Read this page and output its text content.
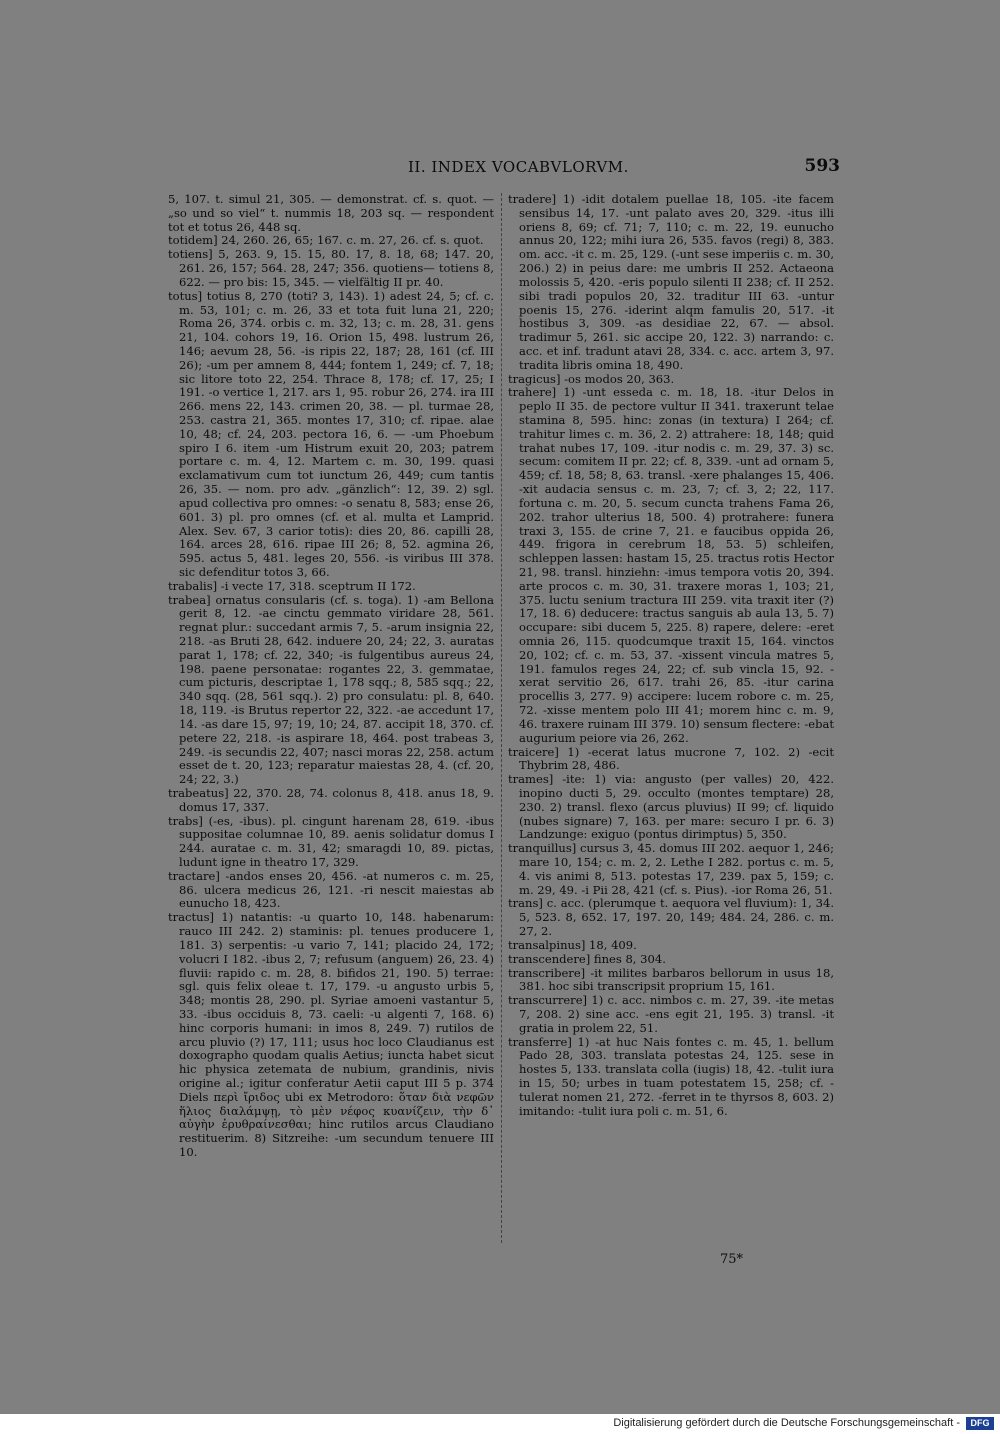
II. INDEX VOCABVLORVM.	593

5, 107. t. simul 21, 305. — demonstrat. cf. s. quot. — „so und so viel“ t. nummis 18, 203 sq. — respondent tot et totus 26, 448 sq.

totidem] 24, 260. 26, 65; 167. c. m. 27, 26. cf. s. quot.

totiens] 5, 263. 9, 15. 15, 80. 17, 8. 18, 68; 147. 20, 261. 26, 157; 564. 28, 247; 356. quotiens— totiens 8, 622. — pro bis: 15, 345. — vielfältig II pr. 40.

totus] totius 8, 270 (toti? 3, 143). 1) adest 24, 5; cf. c. m. 53, 101; c. m. 26, 33 et tota fuit luna 21, 220; Roma 26, 374. orbis c. m. 32, 13; c. m. 28, 31. gens 21, 104. cohors 19, 16. Orion 15, 498. lustrum 26, 146; aevum 28, 56. -is ripis 22, 187; 28, 161 (cf. III 26); -um per amnem 8, 444; fontem 1, 249; cf. 7, 18; sic litore toto 22, 254. Thrace 8, 178; cf. 17, 25; I 191. -o vertice 1, 217. ars 1, 95. robur 26, 274. ira III 266. mens 22, 143. crimen 20, 38. — pl. turmae 28, 253. castra 21, 365. montes 17, 310; cf. ripae. alae 10, 48; cf. 24, 203. pectora 16, 6. — -um Phoebum spiro I 6. item -um Histrum exuit 20, 203; patrem portare c. m. 4, 12. Martem c. m. 30, 199. quasi exclamativum cum tot iunctum 26, 449; cum tantis 26, 35. — nom. pro adv. „gänzlich“: 12, 39. 2) sgl. apud collectiva pro omnes: -o senatu 8, 583; ense 26, 601. 3) pl. pro omnes (cf. et al. multa et Lamprid. Alex. Sev. 67, 3 carior totis): dies 20, 86. capilli 28, 164. arces 28, 616. ripae III 26; 8, 52. agmina 26, 595. actus 5, 481. leges 20, 556. -is viribus III 378. sic defenditur totos 3, 66.

trabalis] -i vecte 17, 318. sceptrum II 172.

trabea] ornatus consularis (cf. s. toga). 1) -am Bellona gerit 8, 12. -ae cinctu gemmato viridare 28, 561. regnat plur.: succedant armis 7, 5. -arum insignia 22, 218. -as Bruti 28, 642. induere 20, 24; 22, 3. auratas parat 1, 178; cf. 22, 340; -is fulgentibus aureus 24, 198. paene personatae: rogantes 22, 3. gemmatae, cum picturis, descriptae 1, 178 sqq.; 8, 585 sqq.; 22, 340 sqq. (28, 561 sqq.). 2) pro consulatu: pl. 8, 640. 18, 119. -is Brutus repertor 22, 322. -ae accedunt 17, 14. -as dare 15, 97; 19, 10; 24, 87. accipit 18, 370. cf. petere 22, 218. -is aspirare 18, 464. post trabeas 3, 249. -is secundis 22, 407; nasci moras 22, 258. actum esset de t. 20, 123; reparatur maiestas 28, 4. (cf. 20, 24; 22, 3.)

trabeatus] 22, 370. 28, 74. colonus 8, 418. anus 18, 9. domus 17, 337.

trabs] (-es, -ibus). pl. cingunt harenam 28, 619. -ibus suppositae columnae 10, 89. aenis solidatur domus I 244. auratae c. m. 31, 42; smaragdi 10, 89. pictas, ludunt igne in theatro 17, 329.

tractare] -andos enses 20, 456. -at numeros c. m. 25, 86. ulcera medicus 26, 121. -ri nescit maiestas ab eunucho 18, 423.

tractus] 1) natantis: -u quarto 10, 148. habenarum: rauco III 242. 2) staminis: pl. tenues producere 1, 181. 3) serpentis: -u vario 7, 141; placido 24, 172; volucri I 182. -ibus 2, 7; refusum (anguem) 26, 23. 4) fluvii: rapido c. m. 28, 8. bifidos 21, 190. 5) terrae: sgl. quis felix oleae t. 17, 179. -u angusto urbis 5, 348; montis 28, 290. pl. Syriae amoeni vastantur 5, 33. -ibus occiduis 8, 73. caeli: -u algenti 7, 168. 6) hinc corporis humani: in imos 8, 249. 7) rutilos de arcu pluvio (?) 17, 111; usus hoc loco Claudianus est doxographo quodam qualis Aetius; iuncta habet sicut hic physica zetemata de nubium, grandinis, nivis origine al.; igitur conferatur Aetii caput III 5 p. 374 Diels περὶ ἴριδος ubi ex Metrodoro: ὅταν διὰ νεφῶν ἥλιος διαλάμψῃ, τὸ μὲν νέφος κυανίζειν, τὴν δ᾽ αὐγὴν ἐρυθραίνεσθαι; hinc rutilos arcus Claudiano restituerim. 8) Sitzreihe: -um secundum tenuere III 10.

tradere] 1) -idit dotalem puellae 18, 105. -ite facem sensibus 14, 17. -unt palato aves 20, 329. -itus illi oriens 8, 69; cf. 71; 7, 110; c. m. 22, 19. eunucho annus 20, 122; mihi iura 26, 535. favos (regi) 8, 383. om. acc. -it c. m. 25, 129. (-unt sese imperiis c. m. 30, 206.) 2) in peius dare: me umbris II 252. Actaeona molossis 5, 420. -eris populo silenti II 238; cf. II 252. sibi tradi populos 20, 32. traditur III 63. -untur poenis 15, 276. -iderint alqm famulis 20, 517. -it hostibus 3, 309. -as desidiae 22, 67. — absol. tradimur 5, 261. sic accipe 20, 122. 3) narrando: c. acc. et inf. tradunt atavi 28, 334. c. acc. artem 3, 97. tradita libris omina 18, 490.

tragicus] -os modos 20, 363.

trahere] 1) -unt esseda c. m. 18, 18. -itur Delos in peplo II 35. de pectore vultur II 341. traxerunt telae stamina 8, 595. hinc: zonas (in textura) I 264; cf. trahitur limes c. m. 36, 2. 2) attrahere: 18, 148; quid trahat nubes 17, 109. -itur nodis c. m. 29, 37. 3) sc. secum: comitem II pr. 22; cf. 8, 339. -unt ad ornam 5, 459; cf. 18, 58; 8, 63. transl. -xere phalanges 15, 406. -xit audacia sensus c. m. 23, 7; cf. 3, 2; 22, 117. fortuna c. m. 20, 5. secum cuncta trahens Fama 26, 202. trahor ulterius 18, 500. 4) protrahere: funera traxi 3, 155. de crine 7, 21. e faucibus oppida 26, 449. frigora in cerebrum 18, 53. 5) schleifen, schleppen lassen: hastam 15, 25. tractus rotis Hector 21, 98. transl. hinziehn: -imus tempora votis 20, 394. arte procos c. m. 30, 31. traxere moras 1, 103; 21, 375. luctu senium tractura III 259. vita traxit iter (?) 17, 18. 6) deducere: tractus sanguis ab aula 13, 5. 7) occupare: sibi ducem 5, 225. 8) rapere, delere: -eret omnia 26, 115. quodcumque traxit 15, 164. vinctos 20, 102; cf. c. m. 53, 37. -xissent vincula matres 5, 191. famulos reges 24, 22; cf. sub vincla 15, 92. -xerat servitio 26, 617. trahi 26, 85. -itur carina procellis 3, 277. 9) accipere: lucem robore c. m. 25, 72. -xisse mentem polo III 41; morem hinc c. m. 9, 46. traxere ruinam III 379. 10) sensum flectere: -ebat augurium peiore via 26, 262.

traicere] 1) -ecerat latus mucrone 7, 102. 2) -ecit Thybrim 28, 486.

trames] -ite: 1) via: angusto (per valles) 20, 422. inopino ducti 5, 29. occulto (montes temptare) 28, 230. 2) transl. flexo (arcus pluvius) II 99; cf. liquido (nubes signare) 7, 163. per mare: securo I pr. 6. 3) Landzunge: exiguo (pontus dirimptus) 5, 350.

tranquillus] cursus 3, 45. domus III 202. aequor 1, 246; mare 10, 154; c. m. 2, 2. Lethe I 282. portus c. m. 5, 4. vis animi 8, 513. potestas 17, 239. pax 5, 159; c. m. 29, 49. -i Pii 28, 421 (cf. s. Pius). -ior Roma 26, 51.

trans] c. acc. (plerumque t. aequora vel fluvium): 1, 34. 5, 523. 8, 652. 17, 197. 20, 149; 484. 24, 286. c. m. 27, 2.

transalpinus] 18, 409.

transcendere] fines 8, 304.

transcribere] -it milites barbaros bellorum in usus 18, 381. hoc sibi transcripsit proprium 15, 161.

transcurrere] 1) c. acc. nimbos c. m. 27, 39. -ite metas 7, 208. 2) sine acc. -ens egit 21, 195. 3) transl. -it gratia in prolem 22, 51.

transferre] 1) -at huc Nais fontes c. m. 45, 1. bellum Pado 28, 303. translata potestas 24, 125. sese in hostes 5, 133. translata colla (iugis) 18, 42. -tulit iura in 15, 50; urbes in tuam potestatem 15, 258; cf. -tulerat nomen 21, 272. -ferret in te thyrsos 8, 603. 2) imitando: -tulit iura poli c. m. 51, 6.

75*
Digitalisierung gefördert durch die Deutsche Forschungsgemeinschaft -	DFG
